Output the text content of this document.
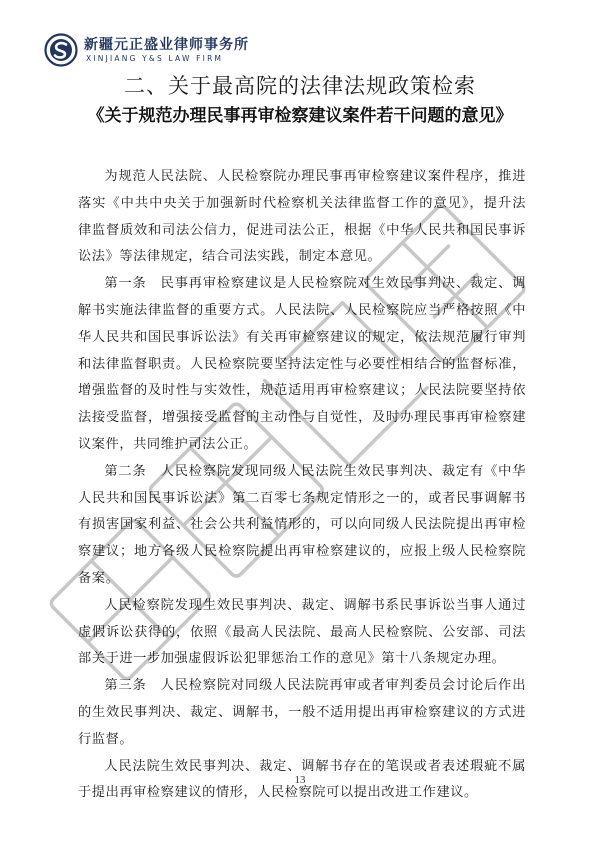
新疆元正盛业律师事务所
XINJIANG Y&S LAW FIRM
二、关于最高院的法律法规政策检索
《关于规范办理民事再审检察建议案件若干问题的意见》

为规范人民法院、人民检察院办理民事再审检察建议案件程序，推进落实《中共中央关于加强新时代检察机关法律监督工作的意见》，提升法律监督质效和司法公信力，促进司法公正，根据《中华人民共和国民事诉讼法》等法律规定，结合司法实践，制定本意见。

第一条　民事再审检察建议是人民检察院对生效民事判决、裁定、调解书实施法律监督的重要方式。人民法院、人民检察院应当严格按照《中华人民共和国民事诉讼法》有关再审检察建议的规定，依法规范履行审判和法律监督职责。人民检察院要坚持法定性与必要性相结合的监督标准，增强监督的及时性与实效性，规范适用再审检察建议；人民法院要坚持依法接受监督，增强接受监督的主动性与自觉性，及时办理民事再审检察建议案件，共同维护司法公正。

第二条　人民检察院发现同级人民法院生效民事判决、裁定有《中华人民共和国民事诉讼法》第二百零七条规定情形之一的，或者民事调解书有损害国家利益、社会公共利益情形的，可以向同级人民法院提出再审检察建议；地方各级人民检察院提出再审检察建议的，应报上级人民检察院备案。

人民检察院发现生效民事判决、裁定、调解书系民事诉讼当事人通过虚假诉讼获得的，依照《最高人民法院、最高人民检察院、公安部、司法部关于进一步加强虚假诉讼犯罪惩治工作的意见》第十八条规定办理。

第三条　人民检察院对同级人民法院再审或者审判委员会讨论后作出的生效民事判决、裁定、调解书，一般不适用提出再审检察建议的方式进行监督。

人民法院生效民事判决、裁定、调解书存在的笔误或者表述瑕疵不属于提出再审检察建议的情形，人民检察院可以提出改进工作建议。

13
